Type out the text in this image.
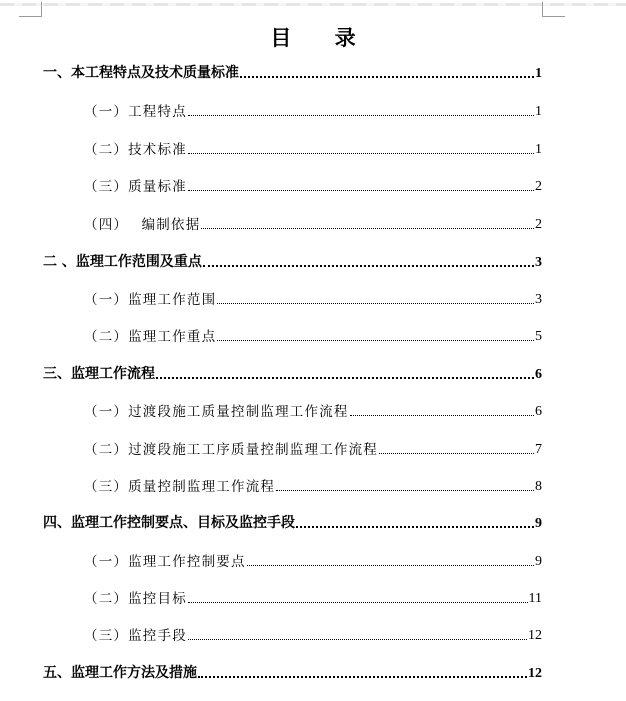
目 录
一、本工程特点及技术质量标准	1
（一）工程特点	1
（二）技术标准	1
（三）质量标准	2
（四） 编制依据	2
二 、监理工作范围及重点	3
（一）监理工作范围	3
（二）监理工作重点	5
三、监理工作流程	6
（一）过渡段施工质量控制监理工作流程	6
（二）过渡段施工工序质量控制监理工作流程	7
（三）质量控制监理工作流程	8
四、监理工作控制要点、目标及监控手段	9
（一）监理工作控制要点	9
（二）监控目标	11
（三）监控手段	12
五、监理工作方法及措施	12
